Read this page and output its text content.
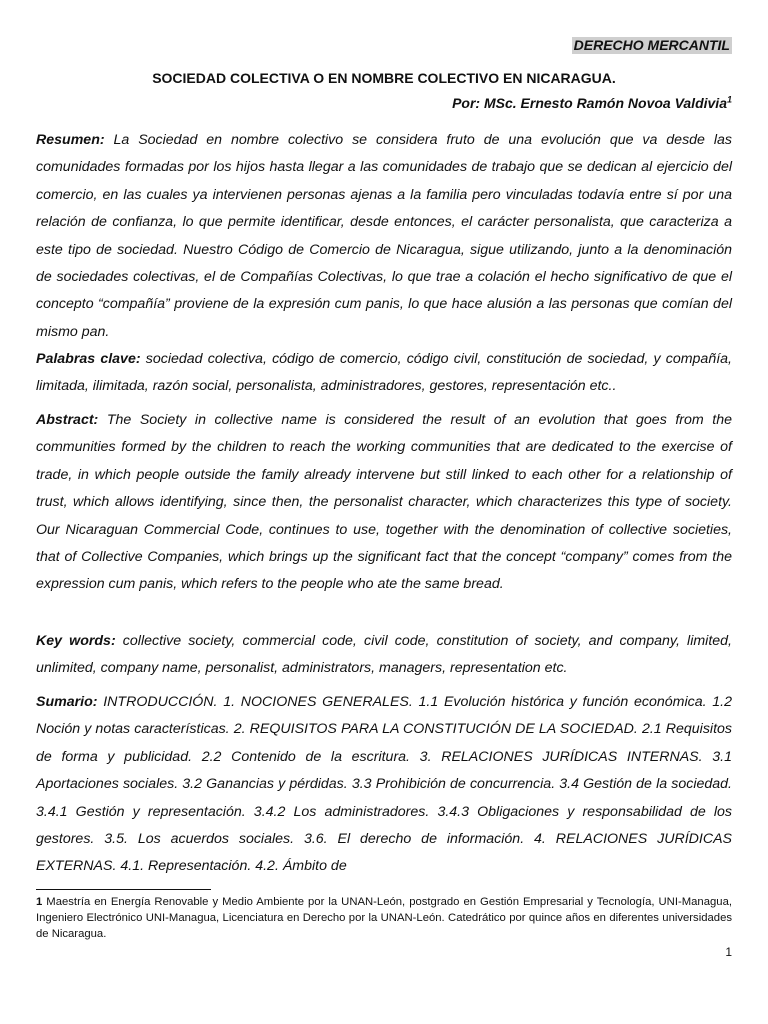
DERECHO MERCANTIL
SOCIEDAD COLECTIVA O EN NOMBRE COLECTIVO EN NICARAGUA.
Por: MSc. Ernesto Ramón Novoa Valdivia$^1$

Resumen: La Sociedad en nombre colectivo se considera fruto de una evolución que va desde las comunidades formadas por los hijos hasta llegar a las comunidades de trabajo que se dedican al ejercicio del comercio, en las cuales ya intervienen personas ajenas a la familia pero vinculadas todavía entre sí por una relación de confianza, lo que permite identificar, desde entonces, el carácter personalista, que caracteriza a este tipo de sociedad. Nuestro Código de Comercio de Nicaragua, sigue utilizando, junto a la denominación de sociedades colectivas, el de Compañías Colectivas, lo que trae a colación el hecho significativo de que el concepto “compañía” proviene de la expresión cum panis, lo que hace alusión a las personas que comían del mismo pan.

Palabras clave: sociedad colectiva, código de comercio, código civil, constitución de sociedad, y compañía, limitada, ilimitada, razón social, personalista, administradores, gestores, representación etc..

Abstract: The Society in collective name is considered the result of an evolution that goes from the communities formed by the children to reach the working communities that are dedicated to the exercise of trade, in which people outside the family already intervene but still linked to each other for a relationship of trust, which allows identifying, since then, the personalist character, which characterizes this type of society. Our Nicaraguan Commercial Code, continues to use, together with the denomination of collective societies, that of Collective Companies, which brings up the significant fact that the concept “company” comes from the expression cum panis, which refers to the people who ate the same bread.

Key words: collective society, commercial code, civil code, constitution of society, and company, limited, unlimited, company name, personalist, administrators, managers, representation etc.

Sumario: INTRODUCCIÓN. 1. NOCIONES GENERALES. 1.1 Evolución histórica y función económica. 1.2 Noción y notas características. 2. REQUISITOS PARA LA CONSTITUCIÓN DE LA SOCIEDAD. 2.1 Requisitos de forma y publicidad. 2.2 Contenido de la escritura. 3. RELACIONES JURÍDICAS INTERNAS. 3.1 Aportaciones sociales. 3.2 Ganancias y pérdidas. 3.3 Prohibición de concurrencia. 3.4 Gestión de la sociedad. 3.4.1 Gestión y representación. 3.4.2 Los administradores. 3.4.3 Obligaciones y responsabilidad de los gestores. 3.5. Los acuerdos sociales. 3.6. El derecho de información. 4. RELACIONES JURÍDICAS EXTERNAS. 4.1. Representación. 4.2. Ámbito de

1 Maestría en Energía Renovable y Medio Ambiente por la UNAN-León, postgrado en Gestión Empresarial y Tecnología, UNI-Managua, Ingeniero Electrónico UNI-Managua, Licenciatura en Derecho por la UNAN-León. Catedrático por quince años en diferentes universidades de Nicaragua.

1
